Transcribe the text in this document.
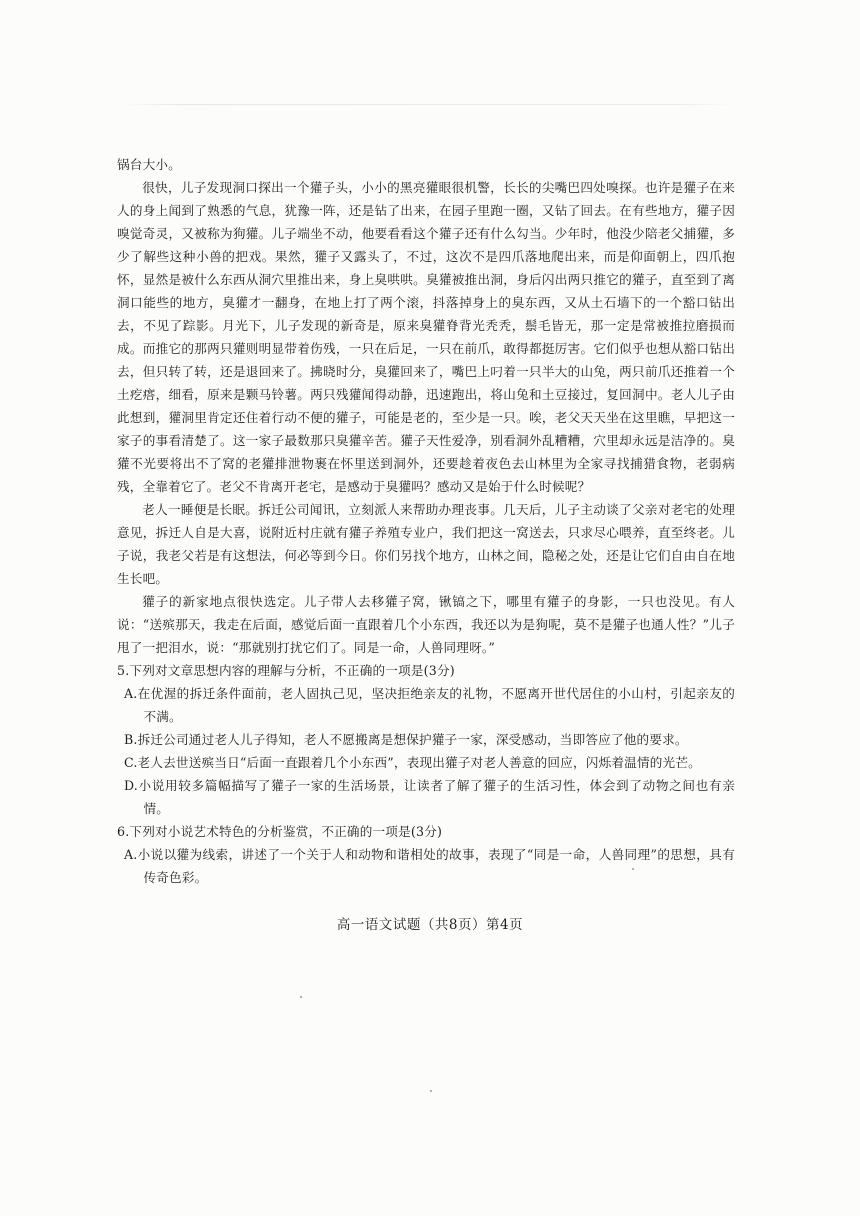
锅台大小。

很快，儿子发现洞口探出一个獾子头，小小的黑亮獾眼很机警，长长的尖嘴巴四处嗅探。也许是獾子在来人的身上闻到了熟悉的气息，犹豫一阵，还是钻了出来，在园子里跑一圈，又钻了回去。在有些地方，獾子因嗅觉奇灵，又被称为狗獾。儿子端坐不动，他要看看这个獾子还有什么勾当。少年时，他没少陪老父捕獾，多少了解些这种小兽的把戏。果然，獾子又露头了，不过，这次不是四爪落地爬出来，而是仰面朝上，四爪抱怀，显然是被什么东西从洞穴里推出来，身上臭哄哄。臭獾被推出洞，身后闪出两只推它的獾子，直至到了离洞口能些的地方，臭獾才一翻身，在地上打了两个滚，抖落掉身上的臭东西，又从土石墙下的一个豁口钻出去，不见了踪影。月光下，儿子发现的新奇是，原来臭獾脊背光秃秃，鬃毛皆无，那一定是常被推拉磨损而成。而推它的那两只獾则明显带着伤残，一只在后足，一只在前爪，敢得都挺厉害。它们似乎也想从豁口钻出去，但只转了转，还是退回来了。拂晓时分，臭獾回来了，嘴巴上叼着一只半大的山兔，两只前爪还推着一个土疙瘩，细看，原来是颗马铃薯。两只残獾闻得动静，迅速跑出，将山兔和土豆接过，复回洞中。老人儿子由此想到，獾洞里肯定还住着行动不便的獾子，可能是老的，至少是一只。唉，老父天天坐在这里瞧，早把这一家子的事看清楚了。这一家子最数那只臭獾辛苦。獾子天性爱净，别看洞外乱糟糟，穴里却永远是洁净的。臭獾不光要将出不了窝的老獾排泄物裹在怀里送到洞外，还要趁着夜色去山林里为全家寻找捕猎食物，老弱病残，全靠着它了。老父不肯离开老宅，是感动于臭獾吗？感动又是始于什么时候呢？

老人一睡便是长眠。拆迁公司闻讯，立刻派人来帮助办理丧事。几天后，儿子主动谈了父亲对老宅的处理意见，拆迁人自是大喜，说附近村庄就有獾子养殖专业户，我们把这一窝送去，只求尽心喂养，直至终老。儿子说，我老父若是有这想法，何必等到今日。你们另找个地方，山林之间，隐秘之处，还是让它们自由自在地生长吧。

獾子的新家地点很快选定。儿子带人去移獾子窝，锹镐之下，哪里有獾子的身影，一只也没见。有人说：“送殡那天，我走在后面，感觉后面一直跟着几个小东西，我还以为是狗呢，莫不是獾子也通人性？”儿子甩了一把泪水，说：“那就别打扰它们了。同是一命，人兽同理呀。”

5.下列对文章思想内容的理解与分析，不正确的一项是(3分)

A.在优渥的拆迁条件面前，老人固执己见，坚决拒绝亲友的礼物，不愿离开世代居住的小山村，引起亲友的不满。

B.拆迁公司通过老人儿子得知，老人不愿搬离是想保护獾子一家，深受感动，当即答应了他的要求。

C.老人去世送殡当日“后面一直跟着几个小东西”，表现出獾子对老人善意的回应，闪烁着温情的光芒。

D.小说用较多篇幅描写了獾子一家的生活场景，让读者了解了獾子的生活习性，体会到了动物之间也有亲情。

6.下列对小说艺术特色的分析鉴赏，不正确的一项是(3分)

A.小说以獾为线索，讲述了一个关于人和动物和谐相处的故事，表现了“同是一命，人兽同理”的思想，具有传奇色彩。

高一语文试题（共8页）第4页
